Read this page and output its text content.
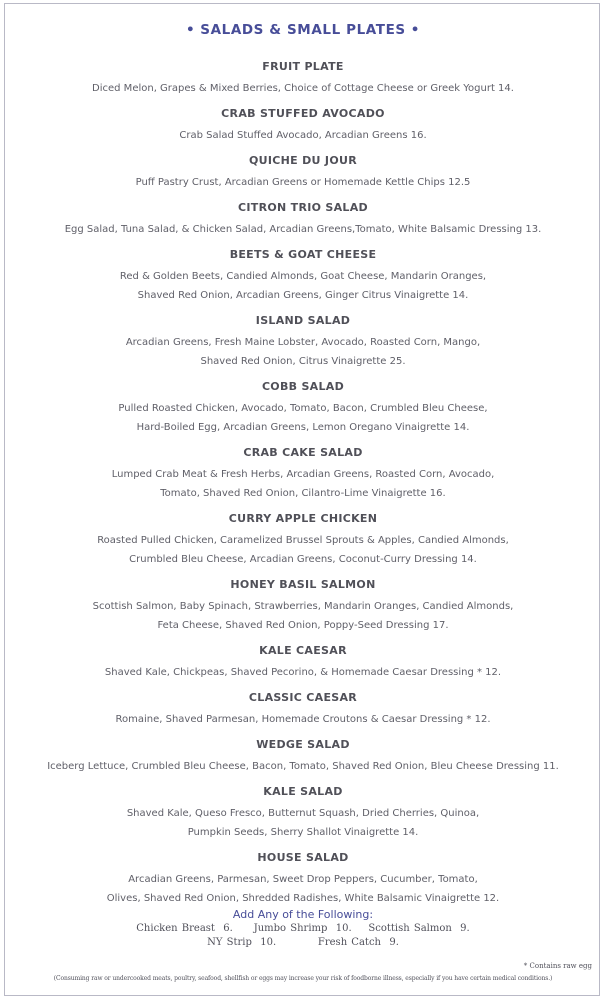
• SALADS & SMALL PLATES •
FRUIT PLATE
Diced Melon, Grapes & Mixed Berries, Choice of Cottage Cheese or Greek Yogurt 14.
CRAB STUFFED AVOCADO
Crab Salad Stuffed Avocado, Arcadian Greens 16.
QUICHE DU JOUR
Puff Pastry Crust, Arcadian Greens or Homemade Kettle Chips 12.5
CITRON TRIO SALAD
Egg Salad, Tuna Salad, & Chicken Salad, Arcadian Greens,Tomato, White Balsamic Dressing 13.
BEETS & GOAT CHEESE
Red & Golden Beets, Candied Almonds, Goat Cheese, Mandarin Oranges,
Shaved Red Onion, Arcadian Greens, Ginger Citrus Vinaigrette 14.
ISLAND SALAD
Arcadian Greens, Fresh Maine Lobster, Avocado, Roasted Corn, Mango,
Shaved Red Onion, Citrus Vinaigrette 25.
COBB SALAD
Pulled Roasted Chicken, Avocado, Tomato, Bacon, Crumbled Bleu Cheese,
Hard-Boiled Egg, Arcadian Greens, Lemon Oregano Vinaigrette 14.
CRAB CAKE SALAD
Lumped Crab Meat & Fresh Herbs, Arcadian Greens, Roasted Corn, Avocado,
Tomato, Shaved Red Onion, Cilantro-Lime Vinaigrette 16.
CURRY APPLE CHICKEN
Roasted Pulled Chicken, Caramelized Brussel Sprouts & Apples, Candied Almonds,
Crumbled Bleu Cheese, Arcadian Greens, Coconut-Curry Dressing 14.
HONEY BASIL SALMON
Scottish Salmon, Baby Spinach, Strawberries, Mandarin Oranges, Candied Almonds,
Feta Cheese, Shaved Red Onion, Poppy-Seed Dressing 17.
KALE CAESAR
Shaved Kale, Chickpeas, Shaved Pecorino, & Homemade Caesar Dressing * 12.
CLASSIC CAESAR
Romaine, Shaved Parmesan, Homemade Croutons & Caesar Dressing * 12.
WEDGE SALAD
Iceberg Lettuce, Crumbled Bleu Cheese, Bacon, Tomato, Shaved Red Onion, Bleu Cheese Dressing 11.
KALE SALAD
Shaved Kale, Queso Fresco, Butternut Squash, Dried Cherries, Quinoa,
Pumpkin Seeds, Sherry Shallot Vinaigrette 14.
HOUSE SALAD
Arcadian Greens, Parmesan, Sweet Drop Peppers, Cucumber, Tomato,
Olives, Shaved Red Onion, Shredded Radishes, White Balsamic Vinaigrette 12.
Add Any of the Following:
Chicken Breast  6.     Jumbo Shrimp  10.    Scottish Salmon  9.
NY Strip  10.          Fresh Catch  9.
* Contains raw egg
(Consuming raw or undercooked meats, poultry, seafood, shellfish or eggs may increase your risk of foodborne illness, especially if you have certain medical conditions.)
